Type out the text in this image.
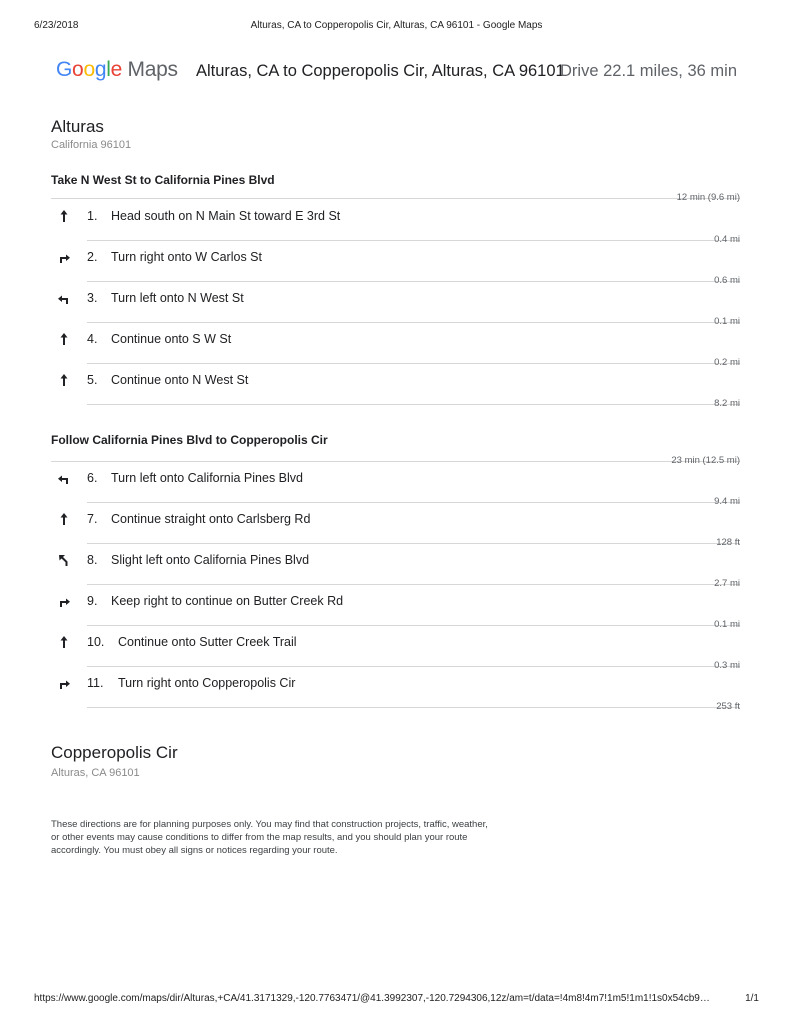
6/23/2018	Alturas, CA to Copperopolis Cir, Alturas, CA 96101 - Google Maps
Google Maps Alturas, CA to Copperopolis Cir, Alturas, CA 96101
Drive 22.1 miles, 36 min
Alturas
California 96101
Take N West St to California Pines Blvd
12 min (9.6 mi)
1. Head south on N Main St toward E 3rd St
0.4 mi
2. Turn right onto W Carlos St
0.6 mi
3. Turn left onto N West St
0.1 mi
4. Continue onto S W St
0.2 mi
5. Continue onto N West St
8.2 mi
Follow California Pines Blvd to Copperopolis Cir
23 min (12.5 mi)
6. Turn left onto California Pines Blvd
9.4 mi
7. Continue straight onto Carlsberg Rd
128 ft
8. Slight left onto California Pines Blvd
2.7 mi
9. Keep right to continue on Butter Creek Rd
0.1 mi
10. Continue onto Sutter Creek Trail
0.3 mi
11. Turn right onto Copperopolis Cir
253 ft
Copperopolis Cir
Alturas, CA 96101
These directions are for planning purposes only. You may find that construction projects, traffic, weather, or other events may cause conditions to differ from the map results, and you should plan your route accordingly. You must obey all signs or notices regarding your route.
https://www.google.com/maps/dir/Alturas,+CA/41.3171329,-120.7763471/@41.3992307,-120.7294306,12z/am=t/data=!4m8!4m7!1m5!1m1!1s0x54cb9…	1/1
